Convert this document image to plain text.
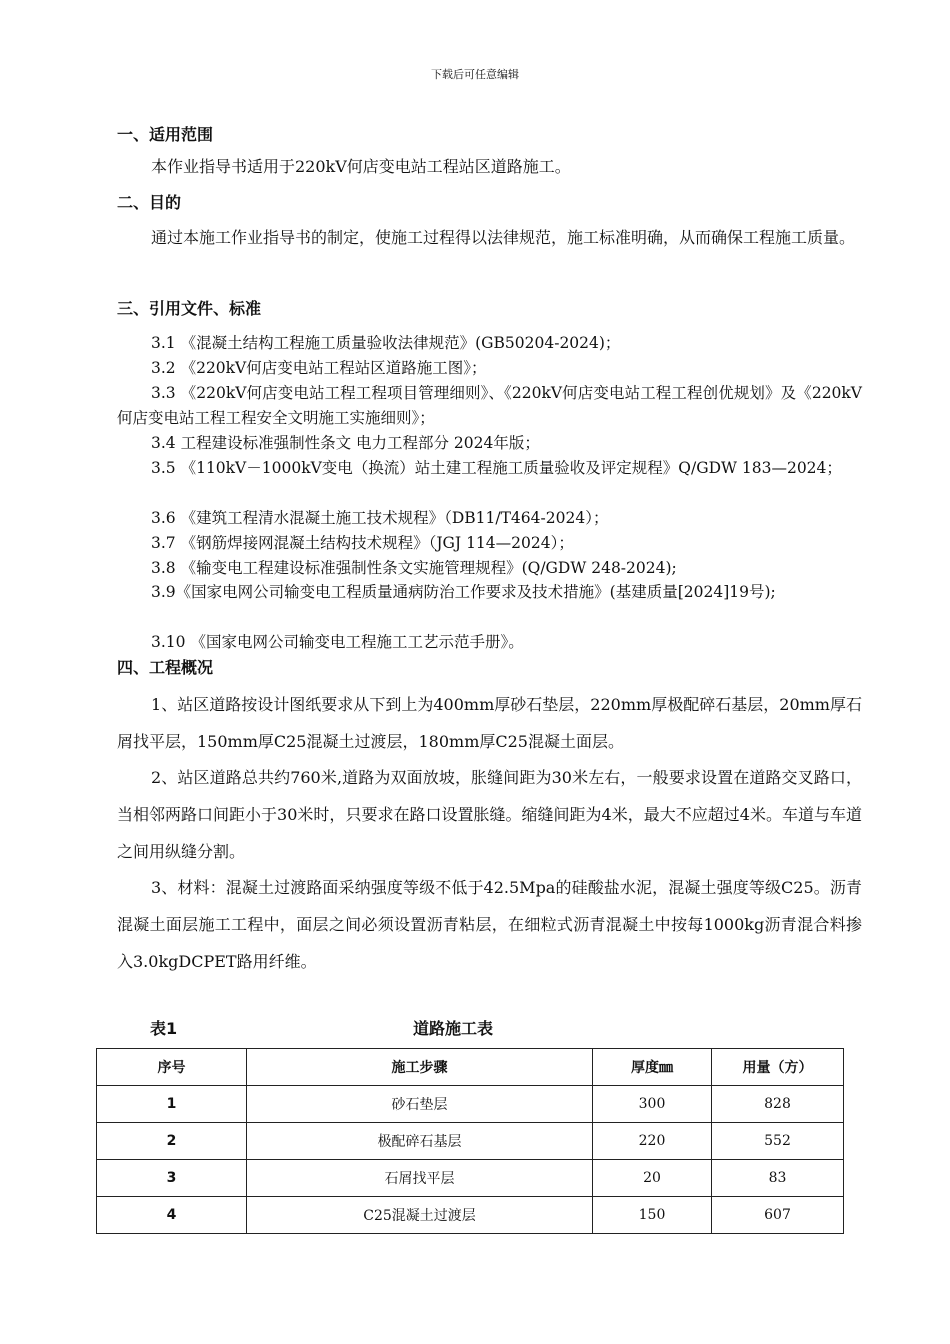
下载后可任意编辑
一、适用范围
本作业指导书适用于220kV何店变电站工程站区道路施工。
二、目的
通过本施工作业指导书的制定，使施工过程得以法律规范，施工标准明确，从而确保工程施工质量。
三、引用文件、标准
3.1 《混凝土结构工程施工质量验收法律规范》(GB50204-2024)；
3.2 《220kV何店变电站工程站区道路施工图》；
3.3 《220kV何店变电站工程工程项目管理细则》、《220kV何店变电站工程工程创优规划》及《220kV何店变电站工程工程安全文明施工实施细则》；
3.4 工程建设标准强制性条文 电力工程部分 2024年版；
3.5 《110kV－1000kV变电（换流）站土建工程施工质量验收及评定规程》Q/GDW 183—2024；
3.6 《建筑工程清水混凝土施工技术规程》（DB11/T464-2024）；
3.7 《钢筋焊接网混凝土结构技术规程》（JGJ 114—2024）；
3.8 《输变电工程建设标准强制性条文实施管理规程》(Q/GDW 248-2024);
3.9《国家电网公司输变电工程质量通病防治工作要求及技术措施》(基建质量[2024]19号);
3.10 《国家电网公司输变电工程施工工艺示范手册》。
四、工程概况
1、站区道路按设计图纸要求从下到上为400mm厚砂石垫层，220mm厚极配碎石基层，20mm厚石屑找平层，150mm厚C25混凝土过渡层，180mm厚C25混凝土面层。
2、站区道路总共约760米,道路为双面放坡，胀缝间距为30米左右，一般要求设置在道路交叉路口，当相邻两路口间距小于30米时，只要求在路口设置胀缝。缩缝间距为4米，最大不应超过4米。车道与车道之间用纵缝分割。
3、材料：混凝土过渡路面采纳强度等级不低于42.5Mpa的硅酸盐水泥，混凝土强度等级C25。沥青混凝土面层施工工程中，面层之间必须设置沥青粘层，在细粒式沥青混凝土中按每1000kg沥青混合料掺入3.0kgDCPET路用纤维。
表1	道路施工表
序号	施工步骤	厚度㎜	用量（方）
1	砂石垫层	300	828
2	极配碎石基层	220	552
3	石屑找平层	20	83
4	C25混凝土过渡层	150	607
